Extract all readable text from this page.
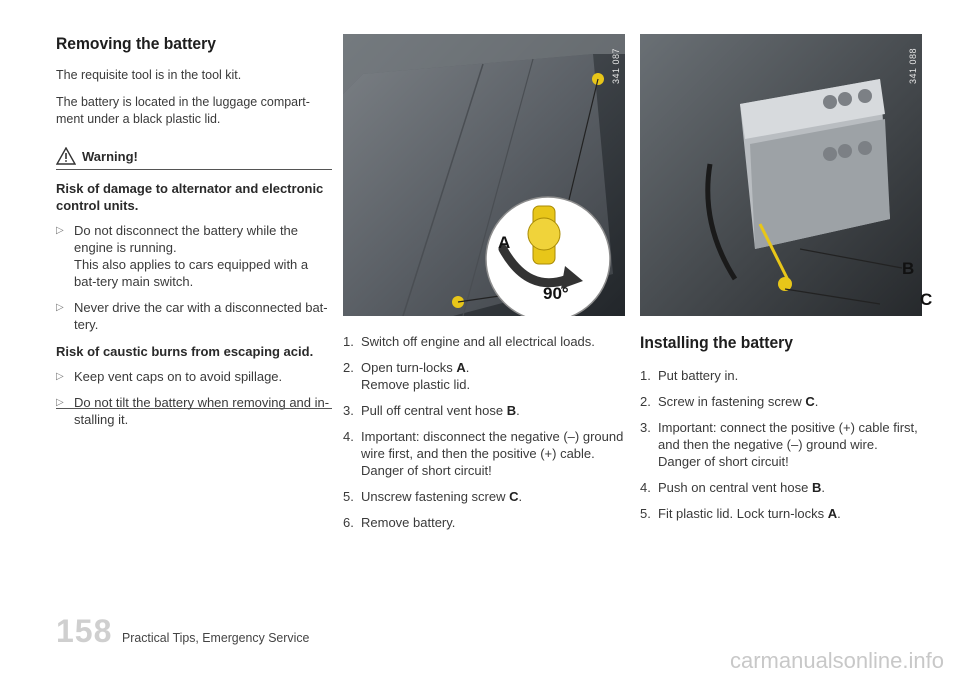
Removing the battery

The requisite tool is in the tool kit.

The battery is located in the luggage compart-ment under a black plastic lid.

Warning!
Risk of damage to alternator and electronic control units.
▷ Do not disconnect the battery while the engine is running.
This also applies to cars equipped with a bat-tery main switch.
▷ Never drive the car with a disconnected bat-tery.
Risk of caustic burns from escaping acid.
▷ Keep vent caps on to avoid spillage.
▷ Do not tilt the battery when removing and in-stalling it.
A
90°
341 087
B
341 088
C
1. Switch off engine and all electrical loads.
2. Open turn-locks A.
Remove plastic lid.
3. Pull off central vent hose B.
4. Important: disconnect the negative (–) ground wire first, and then the positive (+) cable.
Danger of short circuit!
5. Unscrew fastening screw C.
6. Remove battery.
Installing the battery
1. Put battery in.
2. Screw in fastening screw C.
3. Important: connect the positive (+) cable first, and then the negative (–) ground wire.
Danger of short circuit!
4. Push on central vent hose B.
5. Fit plastic lid. Lock turn-locks A.
158 Practical Tips, Emergency Service
carmanualsonline.info
